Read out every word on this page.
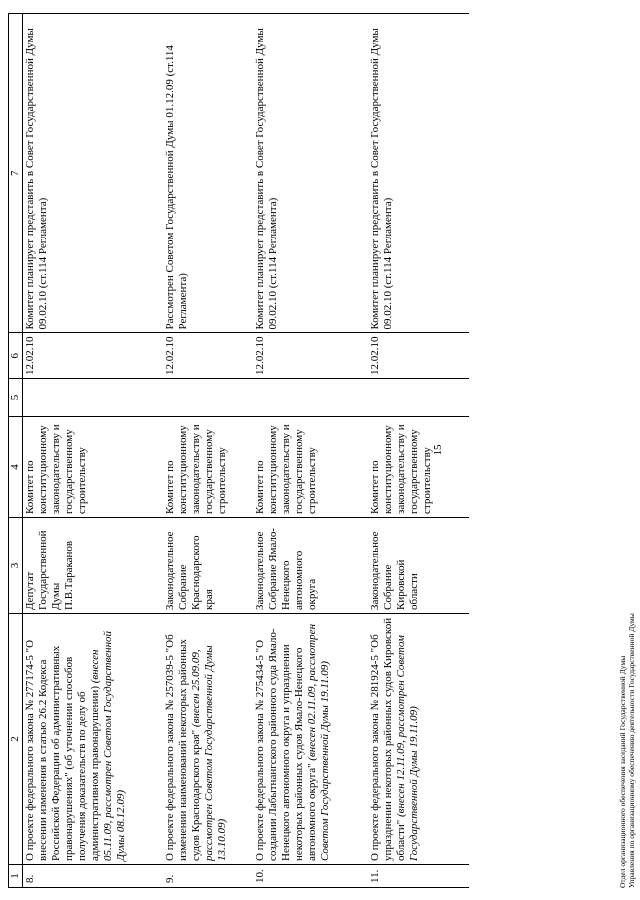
1	2	3	4	5	6	7
8.	О проекте федерального закона № 277174-5 "О внесении изменения в статью 26.2 Кодекса Российской Федерации об административных правонарушениях" (об уточнении способов получения доказательств по делу об административном правонарушении) (внесен 05.11.09, рассмотрен Советом Государственной Думы 08.12.09)	Депутат Государственной Думы П.В.Тараканов	Комитет по конституционному законодательству и государственному строительству		12.02.10	Комитет планирует представить в Совет Государственной Думы 09.02.10 (ст.114 Регламента)
9.	О проекте федерального закона № 257039-5 "Об изменении наименований некоторых районных судов Краснодарского края" (внесен 25.09.09, рассмотрен Советом Государственной Думы 13.10.09)	Законодательное Собрание Краснодарского края	Комитет по конституционному законодательству и государственному строительству		12.02.10	Рассмотрен Советом Государственной Думы 01.12.09 (ст.114 Регламента)
10.	О проекте федерального закона № 275434-5 "О создании Лабытнангского районного суда Ямало-Ненецкого автономного округа и упразднении некоторых районных судов Ямало-Ненецкого автономного округа" (внесен 02.11.09, рассмотрен Советом Государственной Думы 19.11.09)	Законодательное Собрание Ямало-Ненецкого автономного округа	Комитет по конституционному законодательству и государственному строительству		12.02.10	Комитет планирует представить в Совет Государственной Думы 09.02.10 (ст.114 Регламента)
11.	О проекте федерального закона № 281924-5 "Об упразднении некоторых районных судов Кировской области" (внесен 12.11.09, рассмотрен Советом Государственной Думы 19.11.09)	Законодательное Собрание Кировской области	Комитет по конституционному законодательству и государственному строительству		12.02.10	Комитет планирует представить в Совет Государственной Думы 09.02.10 (ст.114 Регламента)
15
Отдел организационного обеспечения заседаний Государственной Думы Управления по организационному обеспечению деятельности Государственной Думы
